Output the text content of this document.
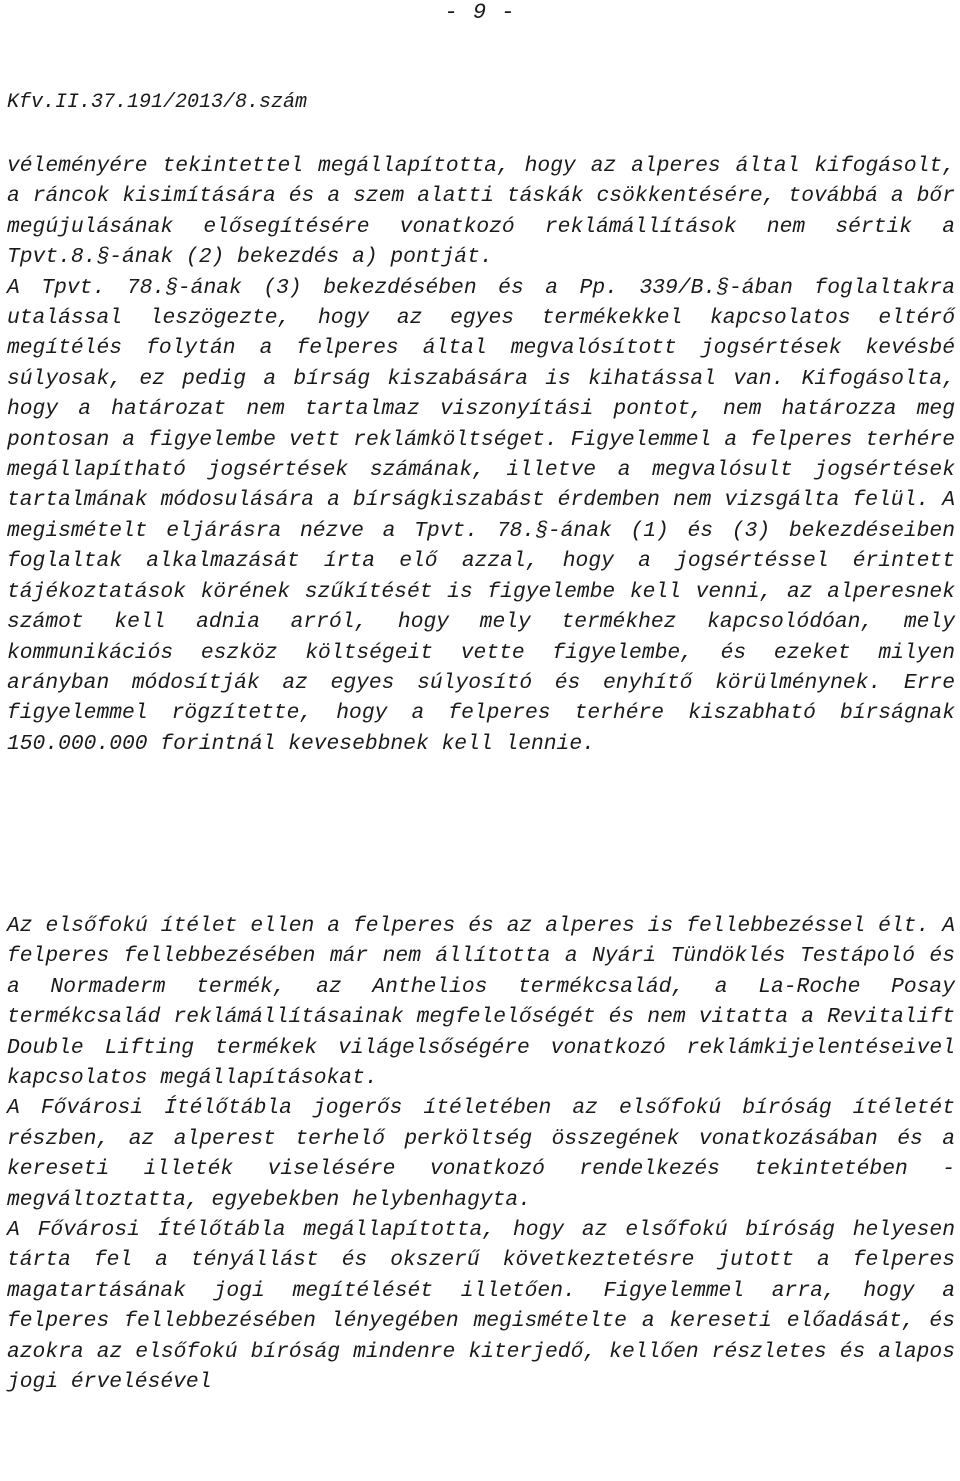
- 9 -
Kfv.II.37.191/2013/8.szám

véleményére tekintettel megállapította, hogy az alperes által kifogásolt, a ráncok kisimítására és a szem alatti táskák csökkentésére, továbbá a bőr megújulásának elősegítésére vonatkozó reklámállítások nem sértik a Tpvt.8.§-ának (2) bekezdés a) pontját.

A Tpvt. 78.§-ának (3) bekezdésében és a Pp. 339/B.§-ában foglaltakra utalással leszögezte, hogy az egyes termékekkel kapcsolatos eltérő megítélés folytán a felperes által megvalósított jogsértések kevésbé súlyosak, ez pedig a bírság kiszabására is kihatással van. Kifogásolta, hogy a határozat nem tartalmaz viszonyítási pontot, nem határozza meg pontosan a figyelembe vett reklámköltséget. Figyelemmel a felperes terhére megállapítható jogsértések számának, illetve a megvalósult jogsértések tartalmának módosulására a bírságkiszabást érdemben nem vizsgálta felül. A megismételt eljárásra nézve a Tpvt. 78.§-ának (1) és (3) bekezdéseiben foglaltak alkalmazását írta elő azzal, hogy a jogsértéssel érintett tájékoztatások körének szűkítését is figyelembe kell venni, az alperesnek számot kell adnia arról, hogy mely termékhez kapcsolódóan, mely kommunikációs eszköz költségeit vette figyelembe, és ezeket milyen arányban módosítják az egyes súlyosító és enyhítő körülménynek. Erre figyelemmel rögzítette, hogy a felperes terhére kiszabható bírságnak 150.000.000 forintnál kevesebbnek kell lennie.

Az elsőfokú ítélet ellen a felperes és az alperes is fellebbezéssel élt. A felperes fellebbezésében már nem állította a Nyári Tündöklés Testápoló és a Normaderm termék, az Anthelios termékcsalád, a La-Roche Posay termékcsalád reklámállításainak megfelelőségét és nem vitatta a Revitalift Double Lifting termékek világelsőségére vonatkozó reklámkijelentéseivel kapcsolatos megállapításokat.

A Fővárosi Ítélőtábla jogerős ítéletében az elsőfokú bíróság ítéletét részben, az alperest terhelő perköltség összegének vonatkozásában és a kereseti illeték viselésére vonatkozó rendelkezés tekintetében - megváltoztatta, egyebekben helybenhagyta.

A Fővárosi Ítélőtábla megállapította, hogy az elsőfokú bíróság helyesen tárta fel a tényállást és okszerű következtetésre jutott a felperes magatartásának jogi megítélését illetően. Figyelemmel arra, hogy a felperes fellebbezésében lényegében megismételte a kereseti előadását, és azokra az elsőfokú bíróság mindenre kiterjedő, kellően részletes és alapos jogi érvelésével
